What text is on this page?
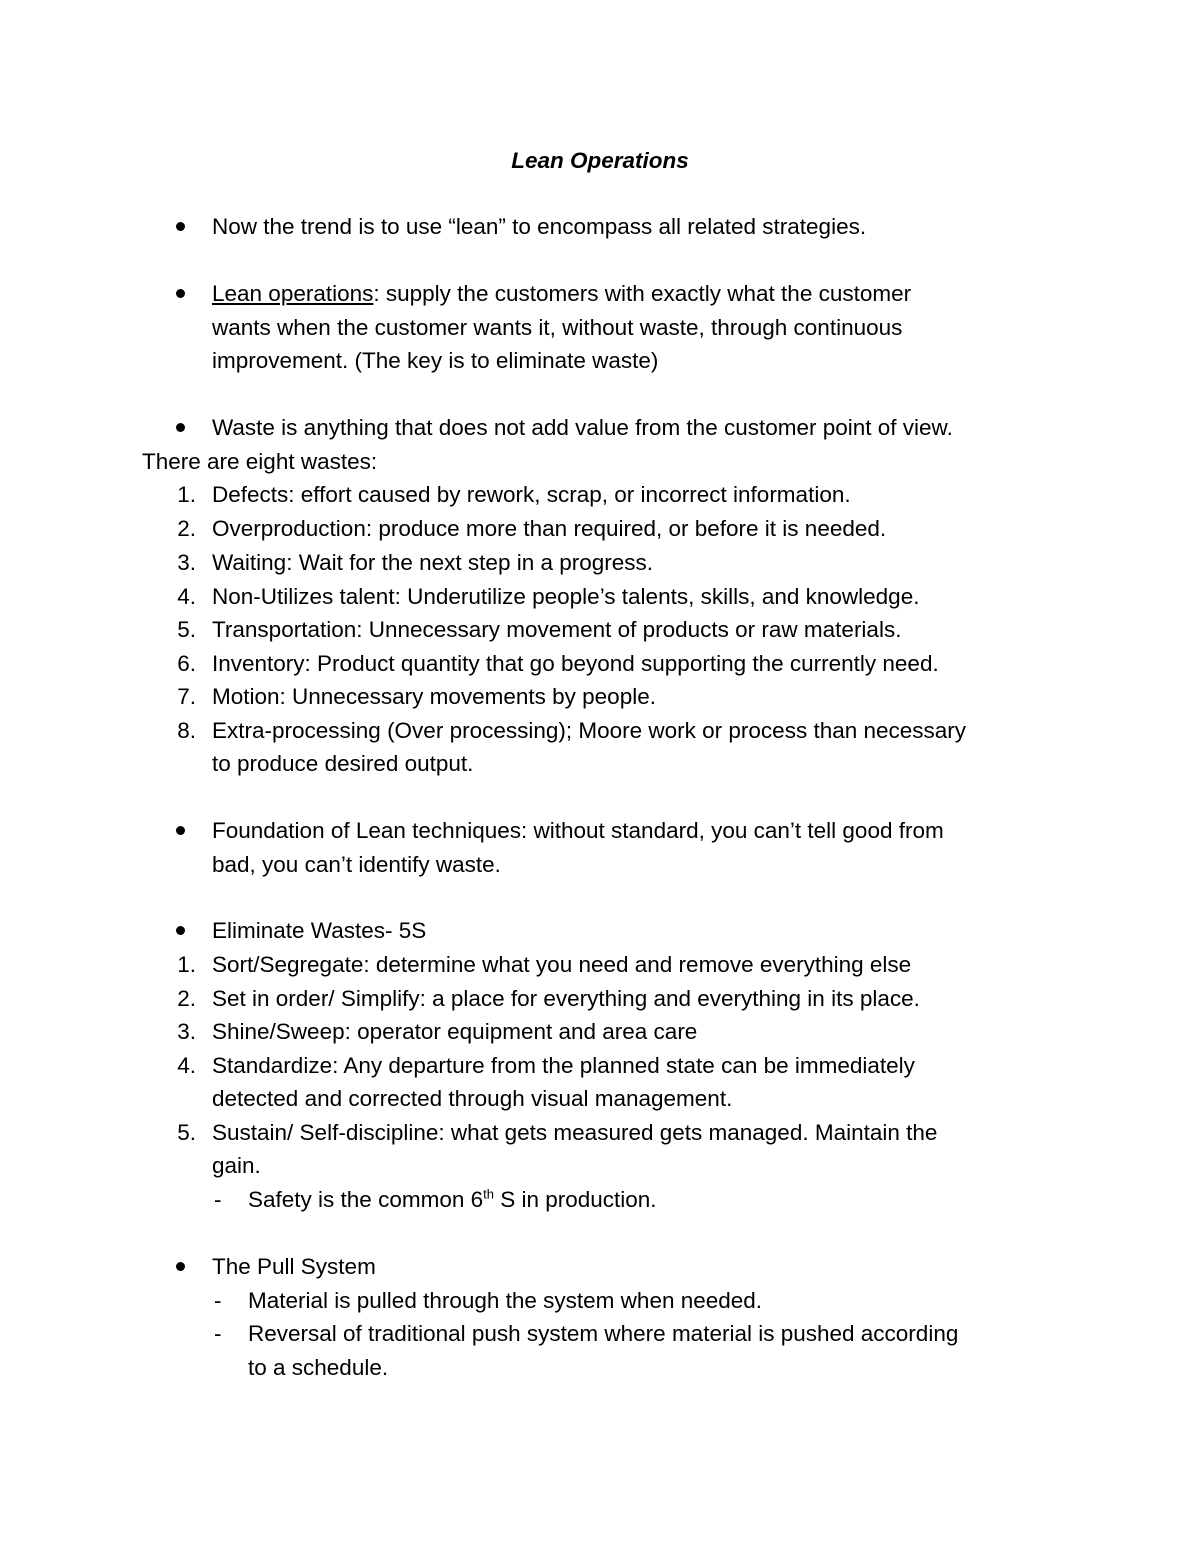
Lean Operations
Now the trend is to use “lean” to encompass all related strategies.
Lean operations: supply the customers with exactly what the customer
wants when the customer wants it, without waste, through continuous
improvement. (The key is to eliminate waste)
Waste is anything that does not add value from the customer point of view.
There are eight wastes:
1. Defects: effort caused by rework, scrap, or incorrect information.
2. Overproduction: produce more than required, or before it is needed.
3. Waiting: Wait for the next step in a progress.
4. Non-Utilizes talent: Underutilize people’s talents, skills, and knowledge.
5. Transportation: Unnecessary movement of products or raw materials.
6. Inventory: Product quantity that go beyond supporting the currently need.
7. Motion: Unnecessary movements by people.
8. Extra-processing (Over processing); Moore work or process than necessary
to produce desired output.
Foundation of Lean techniques: without standard, you can’t tell good from
bad, you can’t identify waste.
Eliminate Wastes- 5S
1. Sort/Segregate: determine what you need and remove everything else
2. Set in order/ Simplify: a place for everything and everything in its place.
3. Shine/Sweep: operator equipment and area care
4. Standardize: Any departure from the planned state can be immediately
detected and corrected through visual management.
5. Sustain/ Self-discipline: what gets measured gets managed. Maintain the
gain.
- Safety is the common 6th S in production.
The Pull System
- Material is pulled through the system when needed.
- Reversal of traditional push system where material is pushed according
to a schedule.
